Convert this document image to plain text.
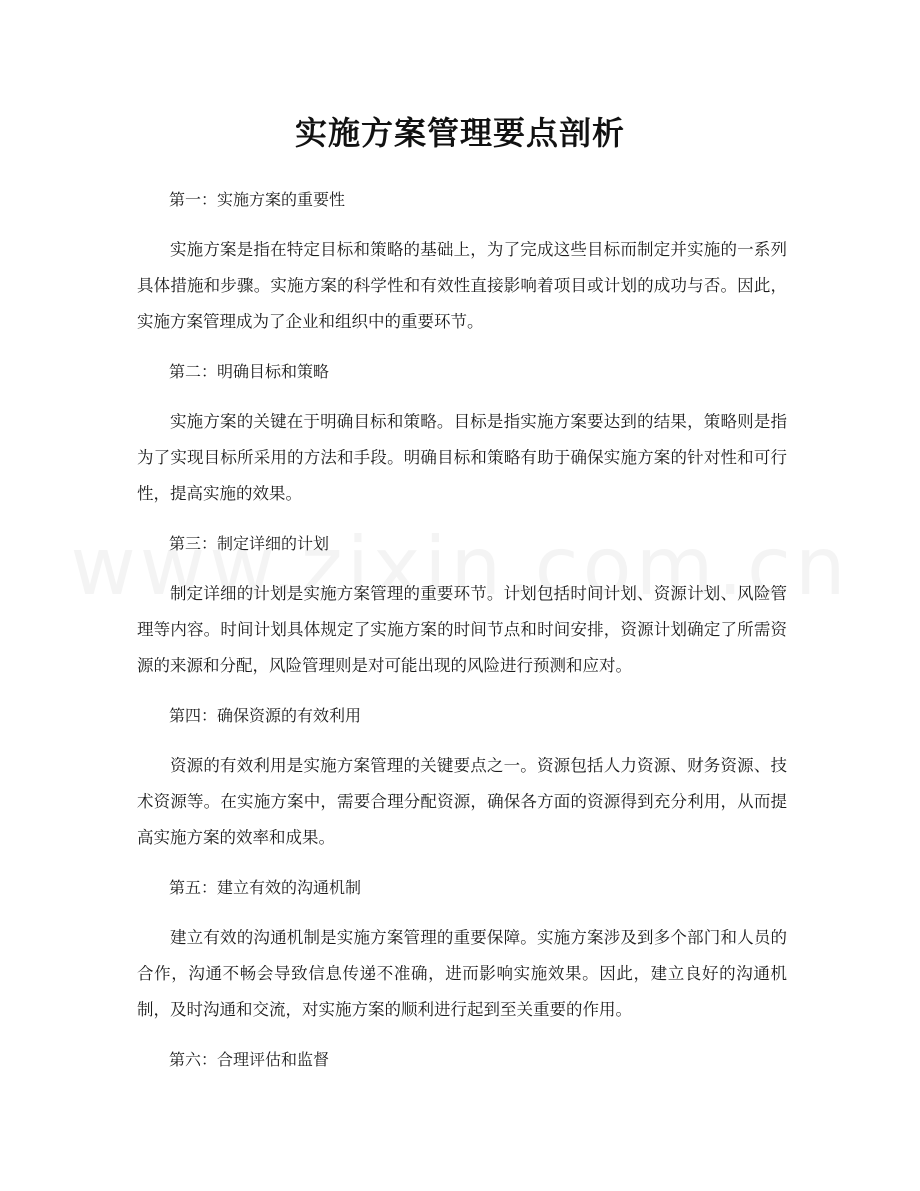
实施方案管理要点剖析

第一：实施方案的重要性

实施方案是指在特定目标和策略的基础上，为了完成这些目标而制定并实施的一系列具体措施和步骤。实施方案的科学性和有效性直接影响着项目或计划的成功与否。因此，实施方案管理成为了企业和组织中的重要环节。

第二：明确目标和策略

实施方案的关键在于明确目标和策略。目标是指实施方案要达到的结果，策略则是指为了实现目标所采用的方法和手段。明确目标和策略有助于确保实施方案的针对性和可行性，提高实施的效果。

第三：制定详细的计划

制定详细的计划是实施方案管理的重要环节。计划包括时间计划、资源计划、风险管理等内容。时间计划具体规定了实施方案的时间节点和时间安排，资源计划确定了所需资源的来源和分配，风险管理则是对可能出现的风险进行预测和应对。

第四：确保资源的有效利用

资源的有效利用是实施方案管理的关键要点之一。资源包括人力资源、财务资源、技术资源等。在实施方案中，需要合理分配资源，确保各方面的资源得到充分利用，从而提高实施方案的效率和成果。

第五：建立有效的沟通机制

建立有效的沟通机制是实施方案管理的重要保障。实施方案涉及到多个部门和人员的合作，沟通不畅会导致信息传递不准确，进而影响实施效果。因此，建立良好的沟通机制，及时沟通和交流，对实施方案的顺利进行起到至关重要的作用。

第六：合理评估和监督
